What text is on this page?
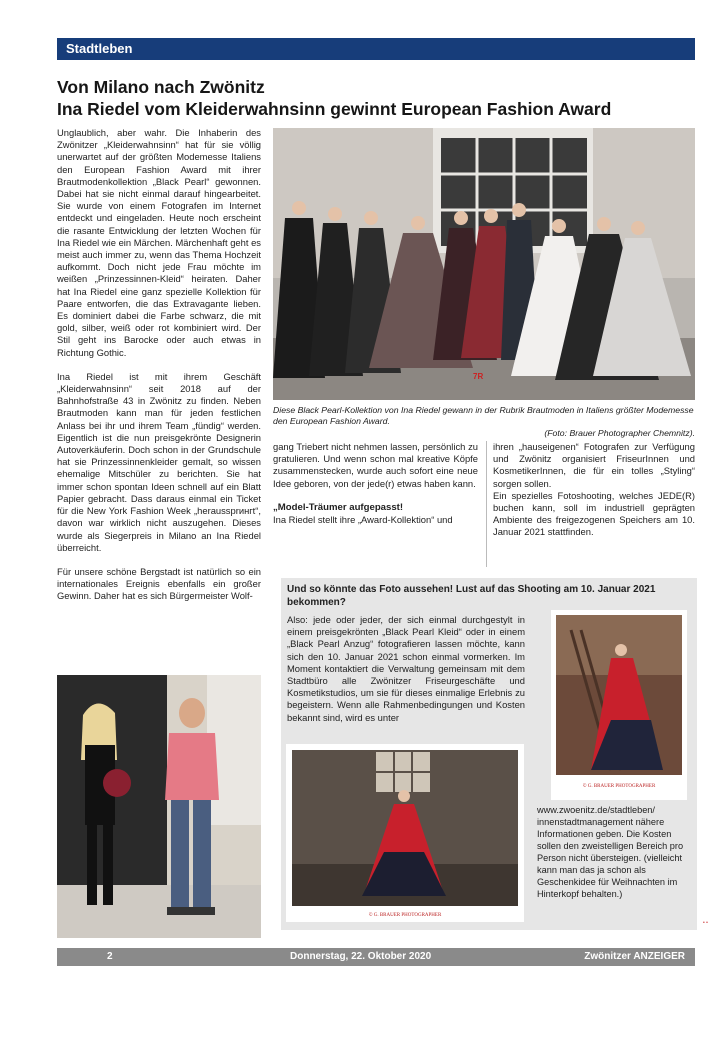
Stadtleben
Von Milano nach Zwönitz
Ina Riedel vom Kleiderwahnsinn gewinnt European Fashion Award

Unglaublich, aber wahr. Die Inhaberin des Zwönitzer „Kleiderwahnsinn“ hat für sie völlig unerwartet auf der größten Modemesse Italiens den European Fashion Award mit ihrer Brautmodenkollektion „Black Pearl“ gewonnen. Dabei hat sie nicht einmal darauf hingearbeitet. Sie wurde von einem Fotografen im Internet entdeckt und eingeladen. Heute noch erscheint die rasante Entwicklung der letzten Wochen für Ina Riedel wie ein Märchen. Märchenhaft geht es meist auch immer zu, wenn das Thema Hochzeit aufkommt. Doch nicht jede Frau möchte im weißen „Prinzessinnen-Kleid“ heiraten. Daher hat Ina Riedel eine ganz spezielle Kollektion für Paare entworfen, die das Extravagante lieben. Es dominiert dabei die Farbe schwarz, die mit gold, silber, weiß oder rot kombiniert wird. Der Stil geht ins Barocke oder auch etwas in Richtung Gothic.

Ina Riedel ist mit ihrem Geschäft „Kleiderwahnsinn“ seit 2018 auf der Bahnhofstraße 43 in Zwönitz zu finden. Neben Brautmoden kann man für jeden festlichen Anlass bei ihr und ihrem Team „fündig“ werden. Eigentlich ist die nun preisgekrönte Designerin Autoverkäuferin. Doch schon in der Grundschule hat sie Prinzessinnenkleider gemalt, so wissen ehemalige Mitschüler zu berichten. Sie hat immer schon spontan Ideen schnell auf ein Blatt Papier gebracht. Dass daraus einmal ein Ticket für die New York Fashion Week „heraussprингt“, davon war wirklich nicht auszugehen. Dieses wurde als Siegerpreis in Milano an Ina Riedel überreicht.

Für unsere schöne Bergstadt ist natürlich so ein internationales Ereignis ebenfalls ein großer Gewinn. Daher hat es sich Bürgermeister Wolf-

7R
Diese Black Pearl-Kollektion von Ina Riedel gewann in der Rubrik Brautmoden in Italiens größter Modemesse den European Fashion Award.
(Foto: Brauer Photographer Chemnitz).

gang Triebert nicht nehmen lassen, persönlich zu gratulieren. Und wenn schon mal kreative Köpfe zusammenstecken, wurde auch sofort eine neue Idee geboren, von der jede(r) etwas haben kann.

„Model-Träumer aufgepasst!

Ina Riedel stellt ihre „Award-Kollektion“ und

ihren „hauseigenen“ Fotografen zur Verfügung und Zwönitz organisiert FriseurInnen und KosmetikerInnen, die für ein tolles „Styling“ sorgen sollen.

Ein spezielles Fotoshooting, welches JEDE(R) buchen kann, soll im industriell geprägten Ambiente des freigezogenen Speichers am 10. Januar 2021 stattfinden.

Und so könnte das Foto aussehen! Lust auf das Shooting am 10. Januar 2021 bekommen?
Also: jede oder jeder, der sich einmal durchgestylt in einem preisgekrönten „Black Pearl Kleid“ oder in einem „Black Pearl Anzug“ fotografieren lassen möchte, kann sich den 10. Januar 2021 schon einmal vormerken. Im Moment kontaktiert die Verwaltung gemeinsam mit dem Stadtbüro alle Zwönitzer Friseurgeschäfte und Kosmetikstudios, um sie für dieses einmalige Erlebnis zu begeistern. Wenn alle Rahmenbedingungen und Kosten bekannt sind, wird es unter
© G. BRAUER PHOTOGRAPHER
© G. BRAUER PHOTOGRAPHER
www.zwoenitz.de/stadtleben/ innenstadtmanagement nähere Informationen geben. Die Kosten sollen den zweistelligen Bereich pro Person nicht übersteigen. (vielleicht kann man das ja schon als Geschenkidee für Weihnachten im Hinterkopf behalten.)
2	Donnerstag, 22. Oktober 2020	Zwönitzer ANZEIGER
• •
